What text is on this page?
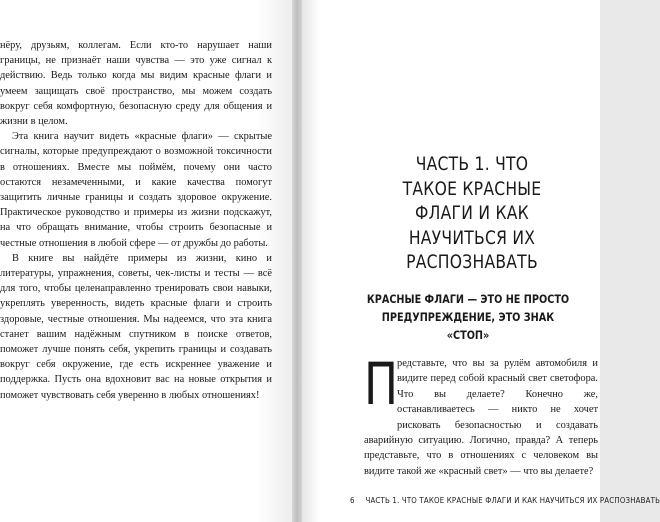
нёру, друзьям, коллегам. Если кто-то нарушает наши границы, не признаёт наши чувства — это уже сигнал к действию. Ведь только когда мы видим красные флаги и умеем защищать своё пространство, мы можем создать вокруг себя комфортную, безопасную среду для общения и жизни в целом.

Эта книга научит видеть «красные флаги» — скрытые сигналы, которые предупреждают о возможной токсичности в отношениях. Вместе мы поймём, почему они часто остаются незамеченными, и какие качества помогут защитить личные границы и создать здоровое окружение. Практическое руководство и примеры из жизни подскажут, на что обращать внимание, чтобы строить безопасные и честные отношения в любой сфере — от дружбы до работы.

В книге вы найдёте примеры из жизни, кино и литературы, упражнения, советы, чек-листы и тесты — всё для того, чтобы целенаправленно тренировать свои навыки, укреплять уверенность, видеть красные флаги и строить здоровые, честные отношения. Мы надеемся, что эта книга станет вашим надёжным спутником в поиске ответов, поможет лучше понять себя, укрепить границы и создавать вокруг себя окружение, где есть искреннее уважение и поддержка. Пусть она вдохновит вас на новые открытия и поможет чувствовать себя уверенно в любых отношениях!

ЧАСТЬ 1. ЧТО ТАКОЕ КРАСНЫЕ ФЛАГИ И КАК НАУЧИТЬСЯ ИХ РАСПОЗНАВАТЬ
КРАСНЫЕ ФЛАГИ — ЭТО НЕ ПРОСТО ПРЕДУПРЕЖДЕНИЕ, ЭТО ЗНАК «СТОП»

П
редставьте, что вы за рулём автомобиля и видите перед собой красный свет светофора. Что вы делаете? Конечно же, останавливаетесь — никто не хочет рисковать безопасностью и создавать аварийную ситуацию. Логично, правда? А теперь представьте, что в отношениях с человеком вы видите такой же «красный свет» — что вы делаете?

6 ЧАСТЬ 1. ЧТО ТАКОЕ КРАСНЫЕ ФЛАГИ И КАК НАУЧИТЬСЯ ИХ РАСПОЗНАВАТЬ
